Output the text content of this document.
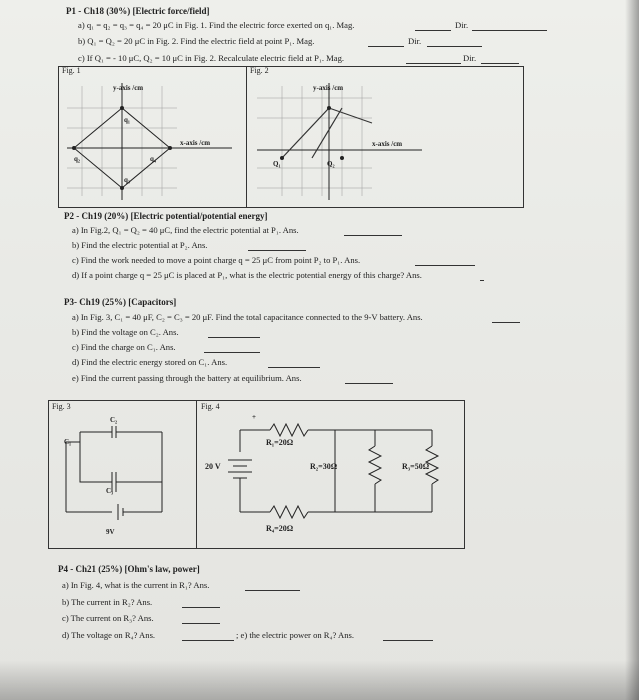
P1 - Ch18 (30%) [Electric force/field]
a) q₁ = q₂ = q₃ = q₄ = 20 μC in Fig. 1. Find the electric force exerted on q₁. Mag.	Dir.
b) Q₁ = Q₂ = 20 μC in Fig. 2. Find the electric field at point P₁. Mag.	Dir.
c) If Q₁ = - 10 μC, Q₂ = 10 μC in Fig. 2. Recalculate electric field at P₁. Mag.	Dir.
Fig. 1	Fig. 2
y-axis /cm
x-axis /cm
q₁
q₂
q₃
q₄
y-axis /cm
x-axis /cm
Q₁	Q₂
P2 - Ch19 (20%) [Electric potential/potential energy]
a) In Fig.2, Q₁ = Q₂ = 40 μC, find the electric potential at P₁. Ans.
b) Find the electric potential at P₂. Ans.
c) Find the work needed to move a point charge q = 25 μC from point P₂ to P₁. Ans.
d) If a point charge q = 25 μC is placed at P₁, what is the electric potential energy of this charge? Ans.
P3- Ch19 (25%) [Capacitors]
a) In Fig. 3, C₁ = 40 μF, C₂ = C₃ = 20 μF. Find the total capacitance connected to the 9-V battery. Ans.
b) Find the voltage on C₂. Ans.
c) Find the charge on C₁. Ans.
d) Find the electric energy stored on C₁. Ans.
e) Find the current passing through the battery at equilibrium. Ans.
Fig. 3	Fig. 4
C₂
C₁
C₃
9V
+
R₁=20Ω
20 V	R₂=30Ω	R₃=50Ω
R₄=20Ω
P4 - Ch21 (25%) [Ohm's law, power]
a) In Fig. 4, what is the current in R₁? Ans.
b) The current in R₂? Ans.
c) The current on R₃? Ans.
d) The voltage on R₄? Ans.	; e) the electric power on R₄? Ans.
